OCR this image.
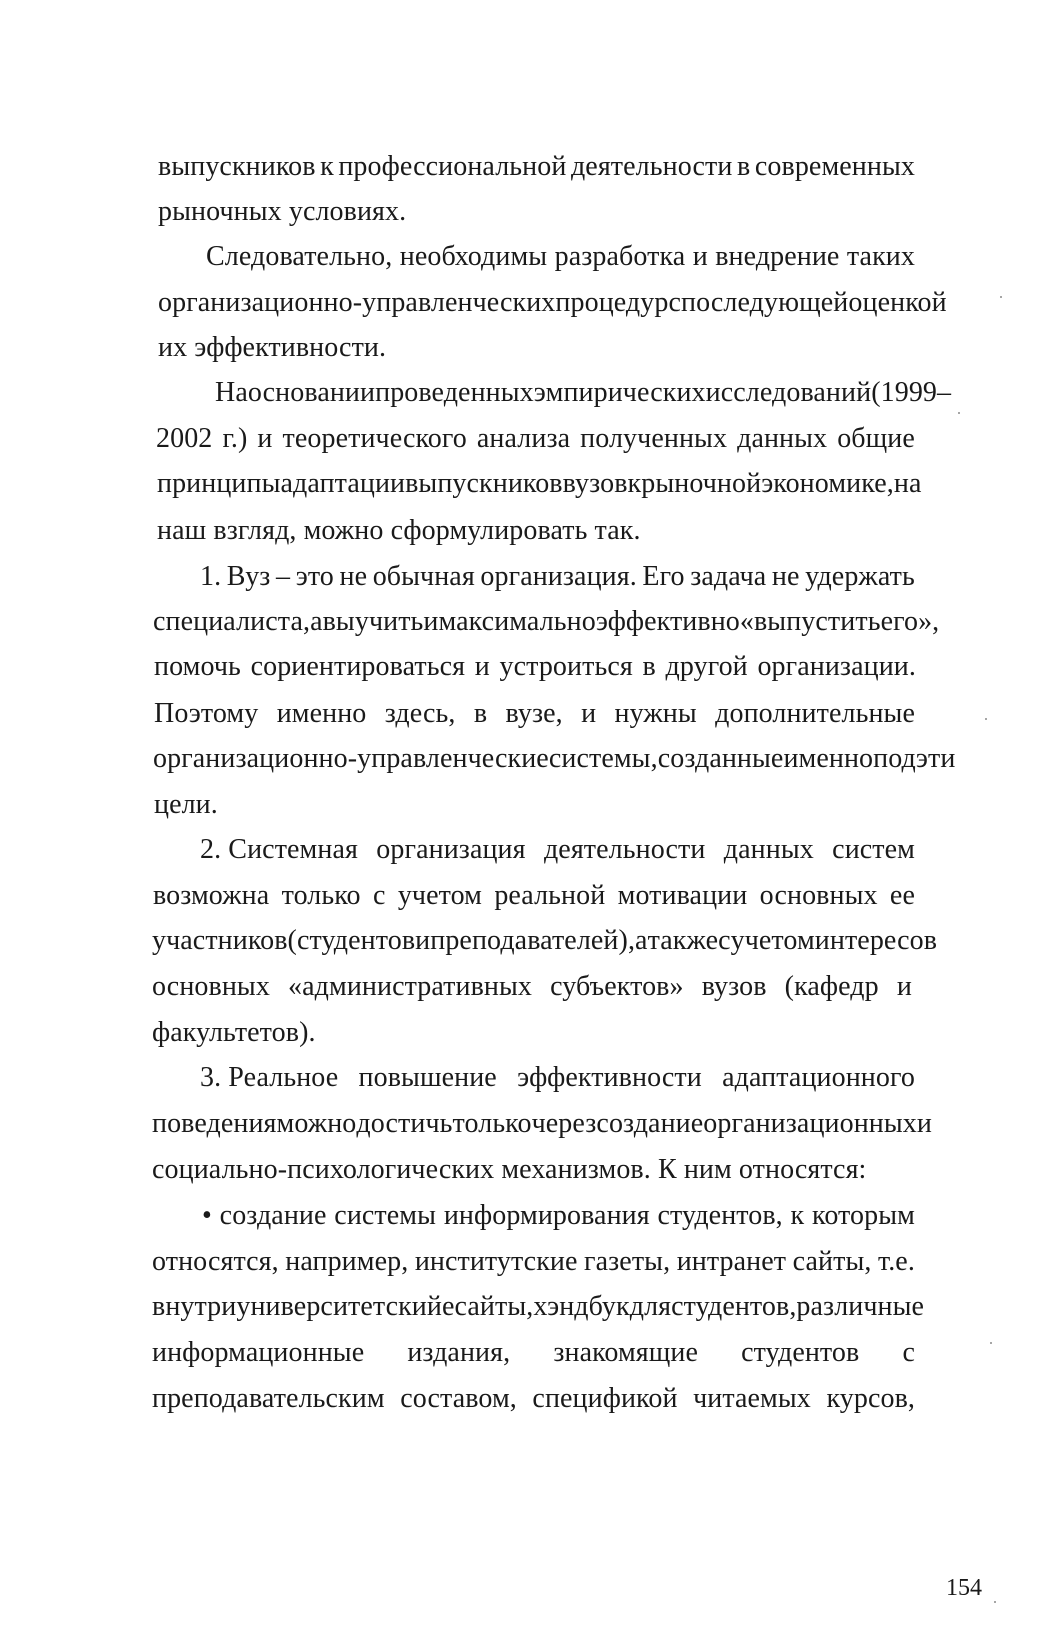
выпускников к профессиональной деятельности в современных
рыночных условиях.
Следовательно, необходимы разработка и внедрение таких
организационно-управленческих процедур с последующей оценкой
их эффективности.
На основании проведенных эмпирических исследований (1999 –
2002 г.) и теоретического анализа полученных данных общие
принципы адаптации выпускников вузов к рыночной экономике, на
наш взгляд, можно сформулировать так.
1. Вуз – это не обычная организация. Его задача не удержать
специалиста, а выучить и максимально эффективно «выпустить его»,
помочь сориентироваться и устроиться в другой организации.
Поэтому именно здесь, в вузе, и нужны дополнительные
организационно-управленческие системы, созданные именно под эти
цели.
2. Системная организация деятельности данных систем
возможна только с учетом реальной мотивации основных ее
участников (студентов и преподавателей), а также с учетом интересов
основных «административных субъектов» вузов (кафедр и
факультетов).
3. Реальное повышение эффективности адаптационного
поведения можно достичь только через создание организационных и
социально-психологических механизмов. К ним относятся:
• создание системы информирования студентов, к которым
относятся, например, институтские газеты, интранет сайты, т.е.
внутриуниверситетскийе сайты, хэндбук для студентов, различные
информационные издания, знакомящие студентов с
преподавательским составом, спецификой читаемых курсов,
154
